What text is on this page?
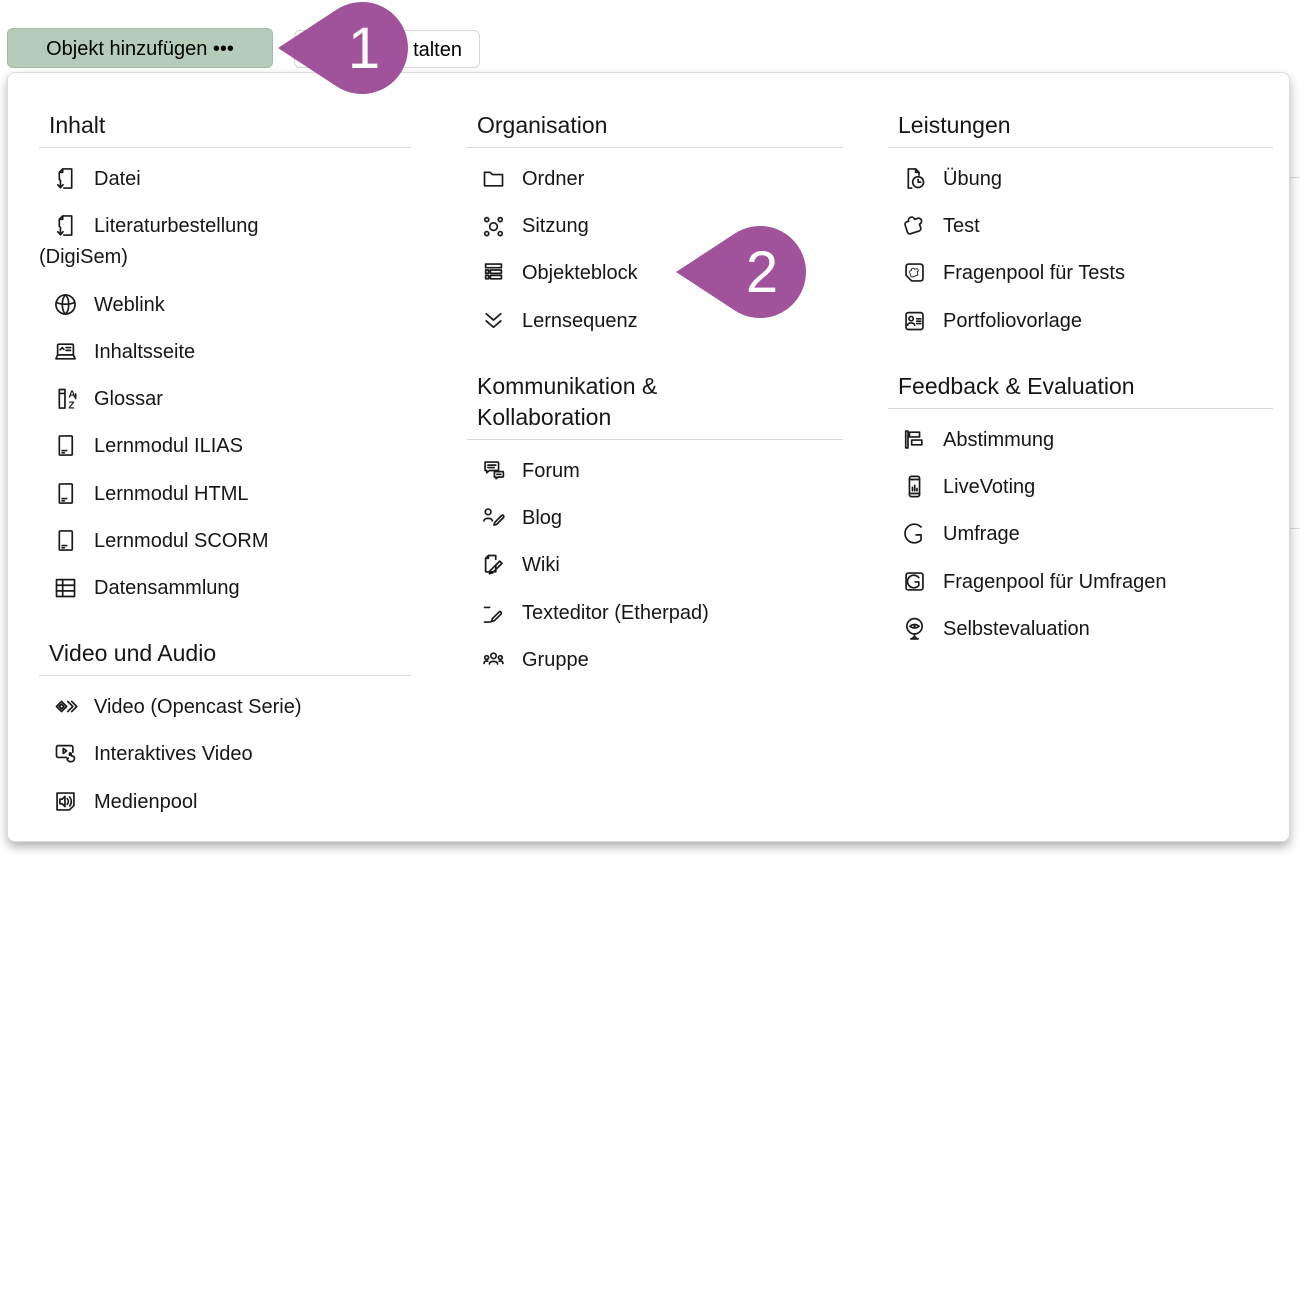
Objekt hinzufügen •••	talten
Inhalt
Datei
Literaturbestellung (DigiSem)
Weblink
Inhaltsseite
A
Z Glossar
Lernmodul ILIAS
Lernmodul HTML
Lernmodul SCORM
Datensammlung
Video und Audio
Video (Opencast Serie)
Interaktives Video
Medienpool
Organisation
Ordner
Sitzung
Objekteblock
Lernsequenz
Kommunikation & Kollaboration
Forum
Blog
Wiki
Texteditor (Etherpad)
Gruppe
Leistungen
Übung
Test
Fragenpool für Tests
Portfoliovorlage
Feedback & Evaluation
Abstimmung
LiveVoting
Umfrage
Fragenpool für Umfragen
Selbstevaluation
1
2
